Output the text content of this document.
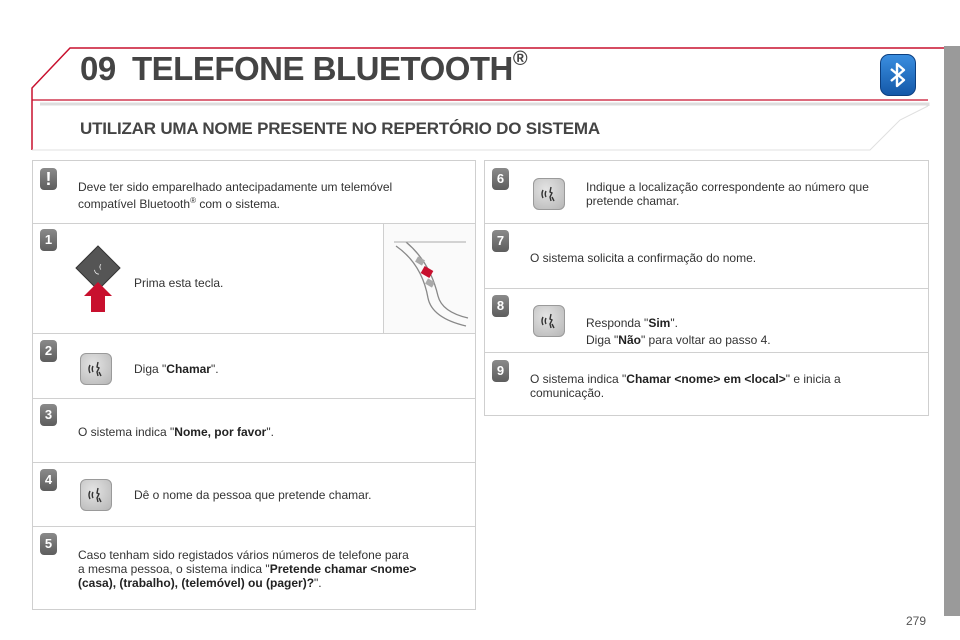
09 TELEFONE BLUETOOTH®
UTILIZAR UMA NOME PRESENTE NO REPERTÓRIO DO SISTEMA
!	Deve ter sido emparelhado antecipadamente um telemóvel
compatível Bluetooth® com o sistema.
1
◟⁽
Prima esta tecla.
2
Diga "Chamar".
3
O sistema indica "Nome, por favor".
4
Dê o nome da pessoa que pretende chamar.
5
Caso tenham sido registados vários números de telefone para
a mesma pessoa, o sistema indica "Pretende chamar <nome>
(casa), (trabalho), (telemóvel) ou (pager)?".
6
Indique a localização correspondente ao número que
pretende chamar.
7
O sistema solicita a confirmação do nome.
8
Responda "Sim".
Diga "Não" para voltar ao passo 4.
9
O sistema indica "Chamar <nome> em <local>" e inicia a
comunicação.
279
